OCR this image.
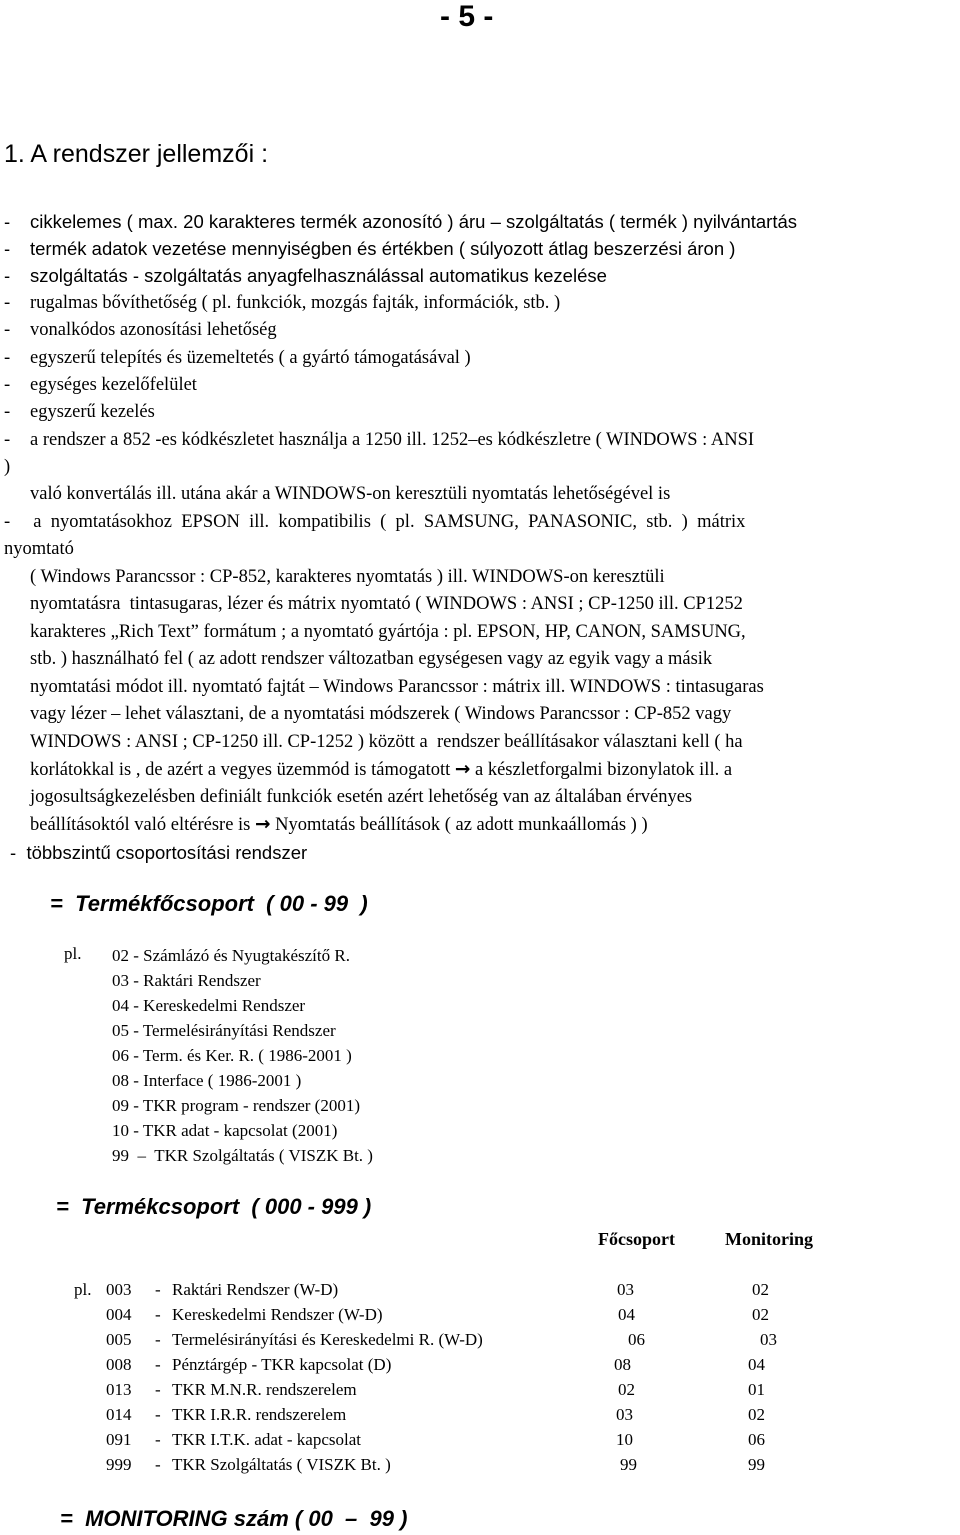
- 5 -
1. A rendszer jellemzői :
- cikkelemes ( max. 20 karakteres termék azonosító ) áru – szolgáltatás ( termék ) nyilvántartás
- termék adatok vezetése mennyiségben és értékben ( súlyozott átlag beszerzési áron )
- szolgáltatás - szolgáltatás anyagfelhasználással automatikus kezelése
- rugalmas bővíthetőség ( pl. funkciók, mozgás fajták, információk, stb. )
- vonalkódos azonosítási lehetőség
- egyszerű telepítés és üzemeltetés ( a gyártó támogatásával )
- egységes kezelőfelület
- egyszerű kezelés
- a rendszer a 852 -es kódkészletet használja a 1250 ill. 1252–es kódkészletre ( WINDOWS : ANSI
)
való konvertálás ill. utána akár a WINDOWS-on keresztüli nyomtatás lehetőségével is
-     a  nyomtatásokhoz  EPSON  ill.  kompatibilis  (  pl.  SAMSUNG,  PANASONIC,  stb.  )  mátrix
nyomtató
( Windows Parancssor : CP-852, karakteres nyomtatás ) ill. WINDOWS-on keresztüli
nyomtatásra  tintasugaras, lézer és mátrix nyomtató ( WINDOWS : ANSI ; CP-1250 ill. CP1252
karakteres „Rich Text” formátum ; a nyomtató gyártója : pl. EPSON, HP, CANON, SAMSUNG,
stb. ) használható fel ( az adott rendszer változatban egységesen vagy az egyik vagy a másik
nyomtatási módot ill. nyomtató fajtát – Windows Parancssor : mátrix ill. WINDOWS : tintasugaras
vagy lézer – lehet választani, de a nyomtatási módszerek ( Windows Parancssor : CP-852 vagy
WINDOWS : ANSI ; CP-1250 ill. CP-1252 ) között a  rendszer beállításakor választani kell ( ha
korlátokkal is , de azért a vegyes üzemmód is támogatott → a készletforgalmi bizonylatok ill. a
jogosultságkezelésben definiált funkciók esetén azért lehetőség van az általában érvényes
beállításoktól való eltérésre is → Nyomtatás beállítások ( az adott munkaállomás ) )
-  többszintű csoportosítási rendszer
=  Termékfőcsoport  ( 00 - 99  )
pl. 02 - Számlázó és Nyugtakészítő R.
03 - Raktári Rendszer
04 - Kereskedelmi Rendszer
05 - Termelésirányítási Rendszer
06 - Term. és Ker. R. ( 1986-2001 )
08 - Interface ( 1986-2001 )
09 - TKR program - rendszer (2001)
10 - TKR adat - kapcsolat (2001)
99  –  TKR Szolgáltatás ( VISZK Bt. )
=  Termékcsoport  ( 000 - 999 )
Főcsoport	Monitoring
pl. 003 - Raktári Rendszer (W-D)	03	02
004 - Kereskedelmi Rendszer (W-D)	04	02
005 - Termelésirányítási és Kereskedelmi R. (W-D)	06	03
008 - Pénztárgép - TKR kapcsolat (D)	08	04
013 - TKR M.N.R. rendszerelem	02	01
014 - TKR I.R.R. rendszerelem	03	02
091 - TKR I.T.K. adat - kapcsolat	10	06
999 - TKR Szolgáltatás ( VISZK Bt. )	99	99
=  MONITORING szám ( 00  –  99 )
